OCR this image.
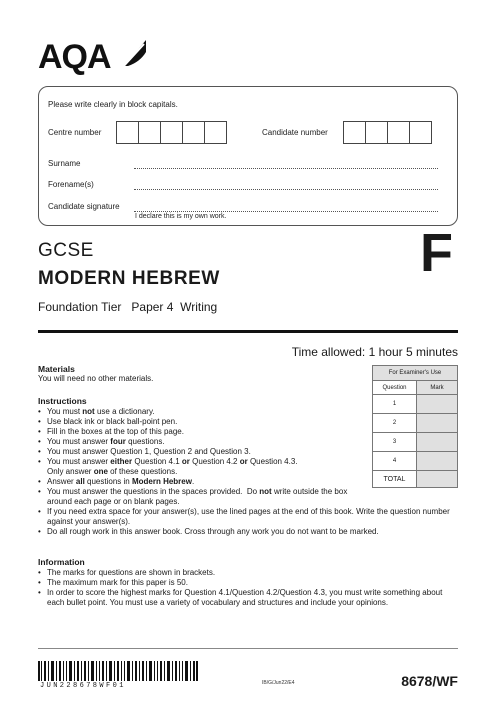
AQA
Please write clearly in block capitals.
Centre number	Candidate number
Surname
Forename(s)
Candidate signature
I declare this is my own work.
GCSE
MODERN HEBREW
Foundation Tier   Paper 4  Writing
F
Time allowed: 1 hour 5 minutes
For Examiner's Use	
Question	Mark
1	
2	
3	
4	
TOTAL	
Materials
You will need no other materials.
Instructions
• You must not use a dictionary.
• Use black ink or black ball-point pen.
• Fill in the boxes at the top of this page.
• You must answer four questions.
• You must answer Question 1, Question 2 and Question 3.
• You must answer either Question 4.1 or Question 4.2 or Question 4.3.
Only answer one of these questions.
• Answer all questions in Modern Hebrew.
• You must answer the questions in the spaces provided.  Do not write outside the box around each page or on blank pages.
• If you need extra space for your answer(s), use the lined pages at the end of this book. Write the question number against your answer(s).
• Do all rough work in this answer book. Cross through any work you do not want to be marked.
Information
• The marks for questions are shown in brackets.
• The maximum mark for this paper is 50.
• In order to score the highest marks for Question 4.1/Question 4.2/Question 4.3, you must write something about each bullet point. You must use a variety of vocabulary and structures and include your opinions.
JUN228678WF01	IB/G/Jun22/E4	8678/WF
